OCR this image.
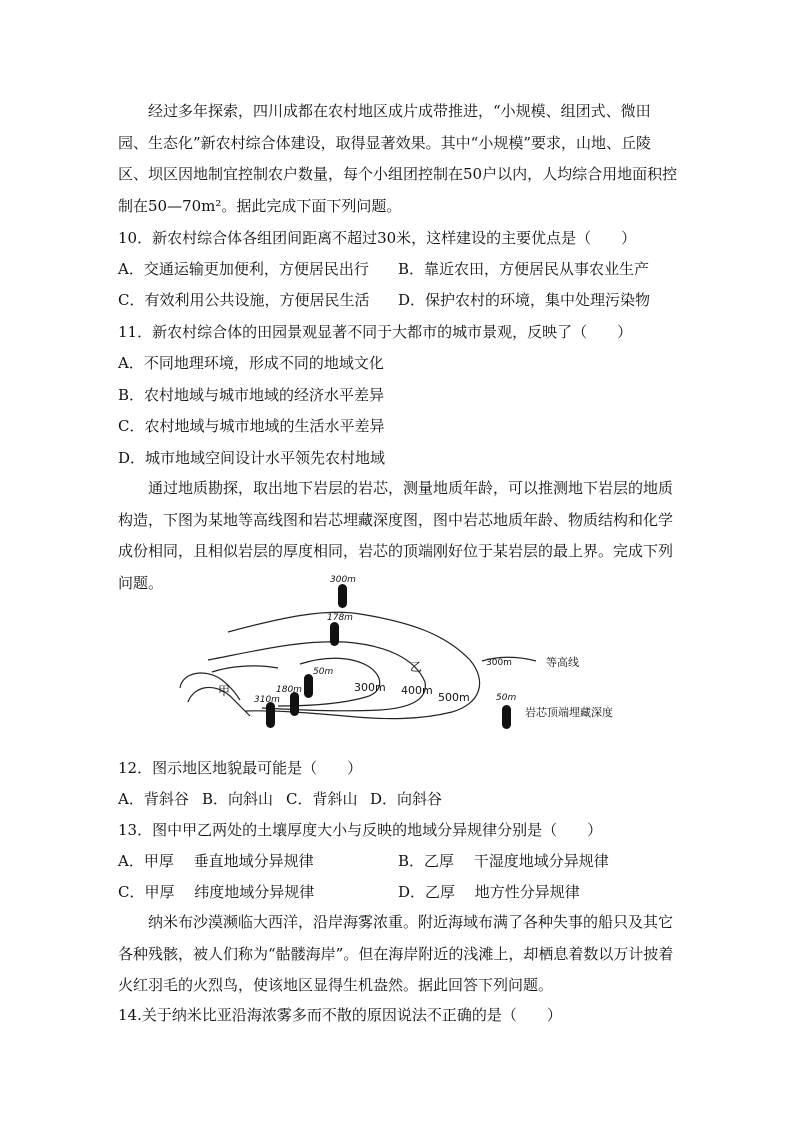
经过多年探索，四川成都在农村地区成片成带推进，“小规模、组团式、微田园、生态化”新农村综合体建设，取得显著效果。其中“小规模”要求，山地、丘陵区、坝区因地制宜控制农户数量，每个小组团控制在50户以内，人均综合用地面积控制在50—70m²。据此完成下面下列问题。

10．新农村综合体各组团间距离不超过30米，这样建设的主要优点是（　　）
A．交通运输更加便利，方便居民出行 B．靠近农田，方便居民从事农业生产
C．有效利用公共设施，方便居民生活 D．保护农村的环境，集中处理污染物
11．新农村综合体的田园景观显著不同于大都市的城市景观，反映了（　　）
A．不同地理环境，形成不同的地域文化
B．农村地域与城市地域的经济水平差异
C．农村地域与城市地域的生活水平差异
D．城市地域空间设计水平领先农村地域

通过地质勘探，取出地下岩层的岩芯，测量地质年龄，可以推测地下岩层的地质构造，下图为某地等高线图和岩芯埋藏深度图，图中岩芯地质年龄、物质结构和化学成份相同，且相似岩层的厚度相同，岩芯的顶端刚好位于某岩层的最上界。完成下列问题。	300m
178m
50m
180m
310m
300m 400m
500m
甲
乙	300m	等高线
50m
岩芯顶端埋藏深度
12．图示地区地貌最可能是（　　）
A．背斜谷 B．向斜山 C．背斜山 D．向斜谷
13．图中甲乙两处的土壤厚度大小与反映的地域分异规律分别是（　　）
A．甲厚　 垂直地域分异规律	B．乙厚　 干湿度地域分异规律
C．甲厚　 纬度地域分异规律	D．乙厚　 地方性分异规律

纳米布沙漠濒临大西洋，沿岸海雾浓重。附近海域布满了各种失事的船只及其它各种残骸，被人们称为“骷髅海岸”。但在海岸附近的浅滩上，却栖息着数以万计披着火红羽毛的火烈鸟，使该地区显得生机盎然。据此回答下列问题。

14.关于纳米比亚沿海浓雾多而不散的原因说法不正确的是（　　）
